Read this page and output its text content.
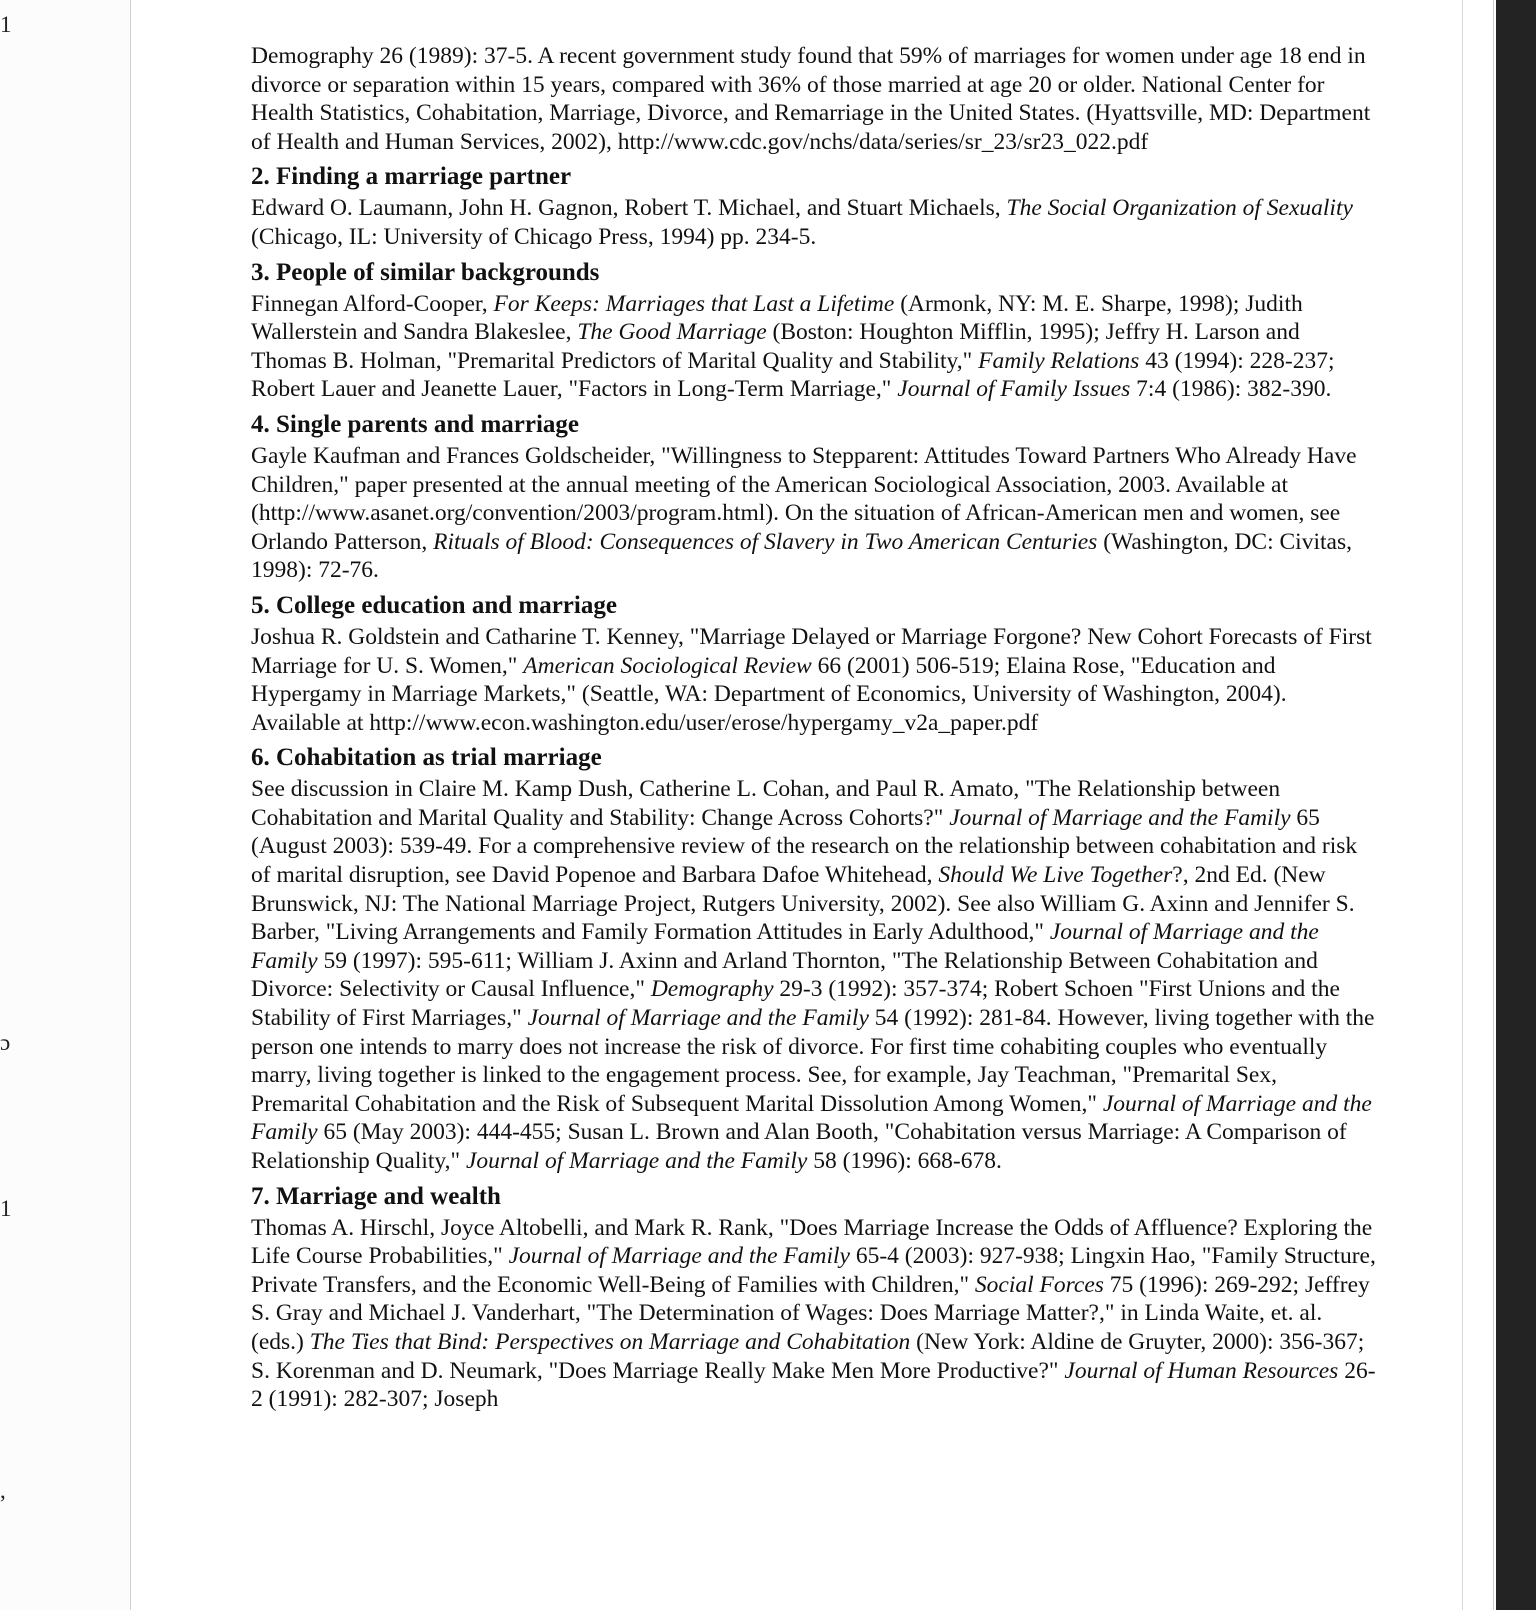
1
ɔ
1
,

Demography 26 (1989): 37-5. A recent government study found that 59% of marriages for women under age 18 end in divorce or separation within 15 years, compared with 36% of those married at age 20 or older. National Center for Health Statistics, Cohabitation, Marriage, Divorce, and Remarriage in the United States. (Hyattsville, MD: Department of Health and Human Services, 2002), http://www.cdc.gov/nchs/data/series/sr_23/sr23_022.pdf

2. Finding a marriage partner

Edward O. Laumann, John H. Gagnon, Robert T. Michael, and Stuart Michaels, The Social Organization of Sexuality (Chicago, IL: University of Chicago Press, 1994) pp. 234-5.

3. People of similar backgrounds

Finnegan Alford-Cooper, For Keeps: Marriages that Last a Lifetime (Armonk, NY: M. E. Sharpe, 1998); Judith Wallerstein and Sandra Blakeslee, The Good Marriage (Boston: Houghton Mifflin, 1995); Jeffry H. Larson and Thomas B. Holman, "Premarital Predictors of Marital Quality and Stability," Family Relations 43 (1994): 228-237; Robert Lauer and Jeanette Lauer, "Factors in Long-Term Marriage," Journal of Family Issues 7:4 (1986): 382-390.

4. Single parents and marriage

Gayle Kaufman and Frances Goldscheider, "Willingness to Stepparent: Attitudes Toward Partners Who Already Have Children," paper presented at the annual meeting of the American Sociological Association, 2003. Available at (http://www.asanet.org/convention/2003/program.html). On the situation of African-American men and women, see Orlando Patterson, Rituals of Blood: Consequences of Slavery in Two American Centuries (Washington, DC: Civitas, 1998): 72-76.

5. College education and marriage

Joshua R. Goldstein and Catharine T. Kenney, "Marriage Delayed or Marriage Forgone? New Cohort Forecasts of First Marriage for U. S. Women," American Sociological Review 66 (2001) 506-519; Elaina Rose, "Education and Hypergamy in Marriage Markets," (Seattle, WA: Department of Economics, University of Washington, 2004). Available at http://www.econ.washington.edu/user/erose/hypergamy_v2a_paper.pdf

6. Cohabitation as trial marriage

See discussion in Claire M. Kamp Dush, Catherine L. Cohan, and Paul R. Amato, "The Relationship between Cohabitation and Marital Quality and Stability: Change Across Cohorts?" Journal of Marriage and the Family 65 (August 2003): 539-49. For a comprehensive review of the research on the relationship between cohabitation and risk of marital disruption, see David Popenoe and Barbara Dafoe Whitehead, Should We Live Together?, 2nd Ed. (New Brunswick, NJ: The National Marriage Project, Rutgers University, 2002). See also William G. Axinn and Jennifer S. Barber, "Living Arrangements and Family Formation Attitudes in Early Adulthood," Journal of Marriage and the Family 59 (1997): 595-611; William J. Axinn and Arland Thornton, "The Relationship Between Cohabitation and Divorce: Selectivity or Causal Influence," Demography 29-3 (1992): 357-374; Robert Schoen "First Unions and the Stability of First Marriages," Journal of Marriage and the Family 54 (1992): 281-84. However, living together with the person one intends to marry does not increase the risk of divorce. For first time cohabiting couples who eventually marry, living together is linked to the engagement process. See, for example, Jay Teachman, "Premarital Sex, Premarital Cohabitation and the Risk of Subsequent Marital Dissolution Among Women," Journal of Marriage and the Family 65 (May 2003): 444-455; Susan L. Brown and Alan Booth, "Cohabitation versus Marriage: A Comparison of Relationship Quality," Journal of Marriage and the Family 58 (1996): 668-678.

7. Marriage and wealth

Thomas A. Hirschl, Joyce Altobelli, and Mark R. Rank, "Does Marriage Increase the Odds of Affluence? Exploring the Life Course Probabilities," Journal of Marriage and the Family 65-4 (2003): 927-938; Lingxin Hao, "Family Structure, Private Transfers, and the Economic Well-Being of Families with Children," Social Forces 75 (1996): 269-292; Jeffrey S. Gray and Michael J. Vanderhart, "The Determination of Wages: Does Marriage Matter?," in Linda Waite, et. al. (eds.) The Ties that Bind: Perspectives on Marriage and Cohabitation (New York: Aldine de Gruyter, 2000): 356-367; S. Korenman and D. Neumark, "Does Marriage Really Make Men More Productive?" Journal of Human Resources 26-2 (1991): 282-307; Joseph
